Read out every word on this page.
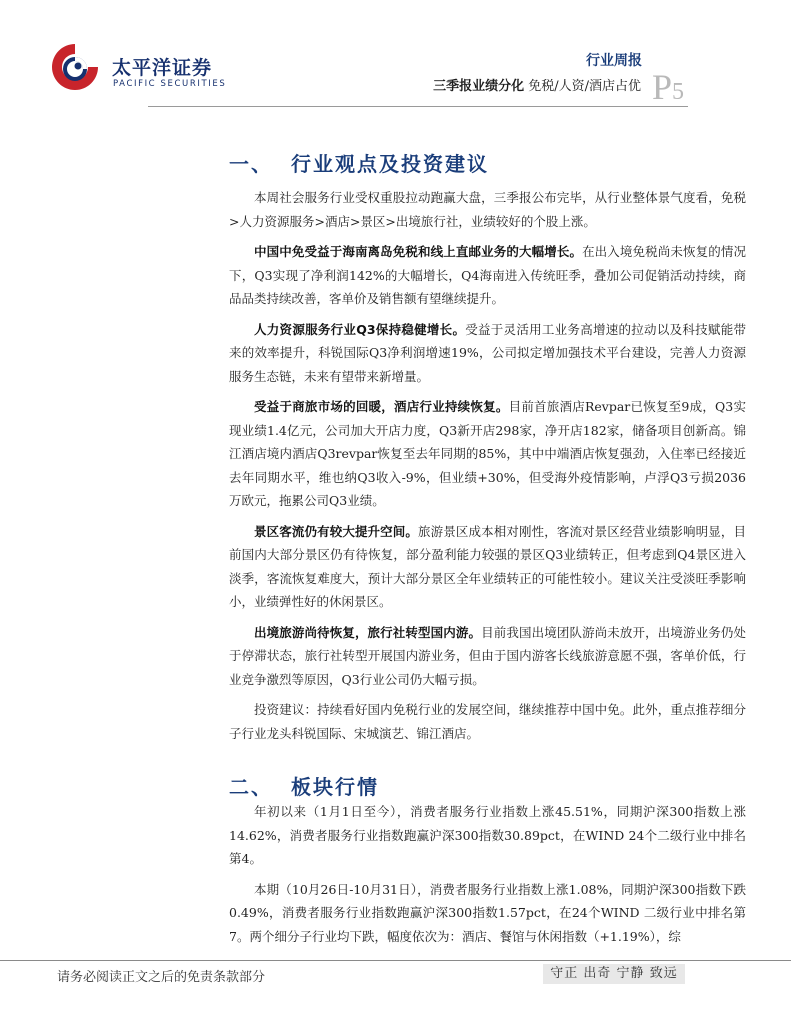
太平洋证券
PACIFIC SECURITIES
行业周报
三季报业绩分化 免税/人资/酒店占优 P5
一、 行业观点及投资建议

本周社会服务行业受权重股拉动跑赢大盘，三季报公布完毕，从行业整体景气度看，免税>人力资源服务>酒店>景区>出境旅行社，业绩较好的个股上涨。

中国中免受益于海南离岛免税和线上直邮业务的大幅增长。在出入境免税尚未恢复的情况下，Q3实现了净利润142%的大幅增长，Q4海南进入传统旺季，叠加公司促销活动持续，商品品类持续改善，客单价及销售额有望继续提升。

人力资源服务行业Q3保持稳健增长。受益于灵活用工业务高增速的拉动以及科技赋能带来的效率提升，科锐国际Q3净利润增速19%，公司拟定增加强技术平台建设，完善人力资源服务生态链，未来有望带来新增量。

受益于商旅市场的回暖，酒店行业持续恢复。目前首旅酒店Revpar已恢复至9成，Q3实现业绩1.4亿元，公司加大开店力度，Q3新开店298家，净开店182家，储备项目创新高。锦江酒店境内酒店Q3revpar恢复至去年同期的85%，其中中端酒店恢复强劲，入住率已经接近去年同期水平，维也纳Q3收入-9%，但业绩+30%，但受海外疫情影响，卢浮Q3亏损2036万欧元，拖累公司Q3业绩。

景区客流仍有较大提升空间。旅游景区成本相对刚性，客流对景区经营业绩影响明显，目前国内大部分景区仍有待恢复，部分盈利能力较强的景区Q3业绩转正，但考虑到Q4景区进入淡季，客流恢复难度大，预计大部分景区全年业绩转正的可能性较小。建议关注受淡旺季影响小，业绩弹性好的休闲景区。

出境旅游尚待恢复，旅行社转型国内游。目前我国出境团队游尚未放开，出境游业务仍处于停滞状态，旅行社转型开展国内游业务，但由于国内游客长线旅游意愿不强，客单价低，行业竞争激烈等原因，Q3行业公司仍大幅亏损。

投资建议：持续看好国内免税行业的发展空间，继续推荐中国中免。此外，重点推荐细分子行业龙头科锐国际、宋城演艺、锦江酒店。

二、 板块行情

年初以来（1月1日至今），消费者服务行业指数上涨45.51%，同期沪深300指数上涨14.62%，消费者服务行业指数跑赢沪深300指数30.89pct，在WIND 24个二级行业中排名第4。

本期（10月26日-10月31日），消费者服务行业指数上涨1.08%，同期沪深300指数下跌0.49%，消费者服务行业指数跑赢沪深300指数1.57pct，在24个WIND 二级行业中排名第7。两个细分子行业均下跌，幅度依次为：酒店、餐馆与休闲指数（+1.19%），综

请务必阅读正文之后的免责条款部分	守正 出奇 宁静 致远
